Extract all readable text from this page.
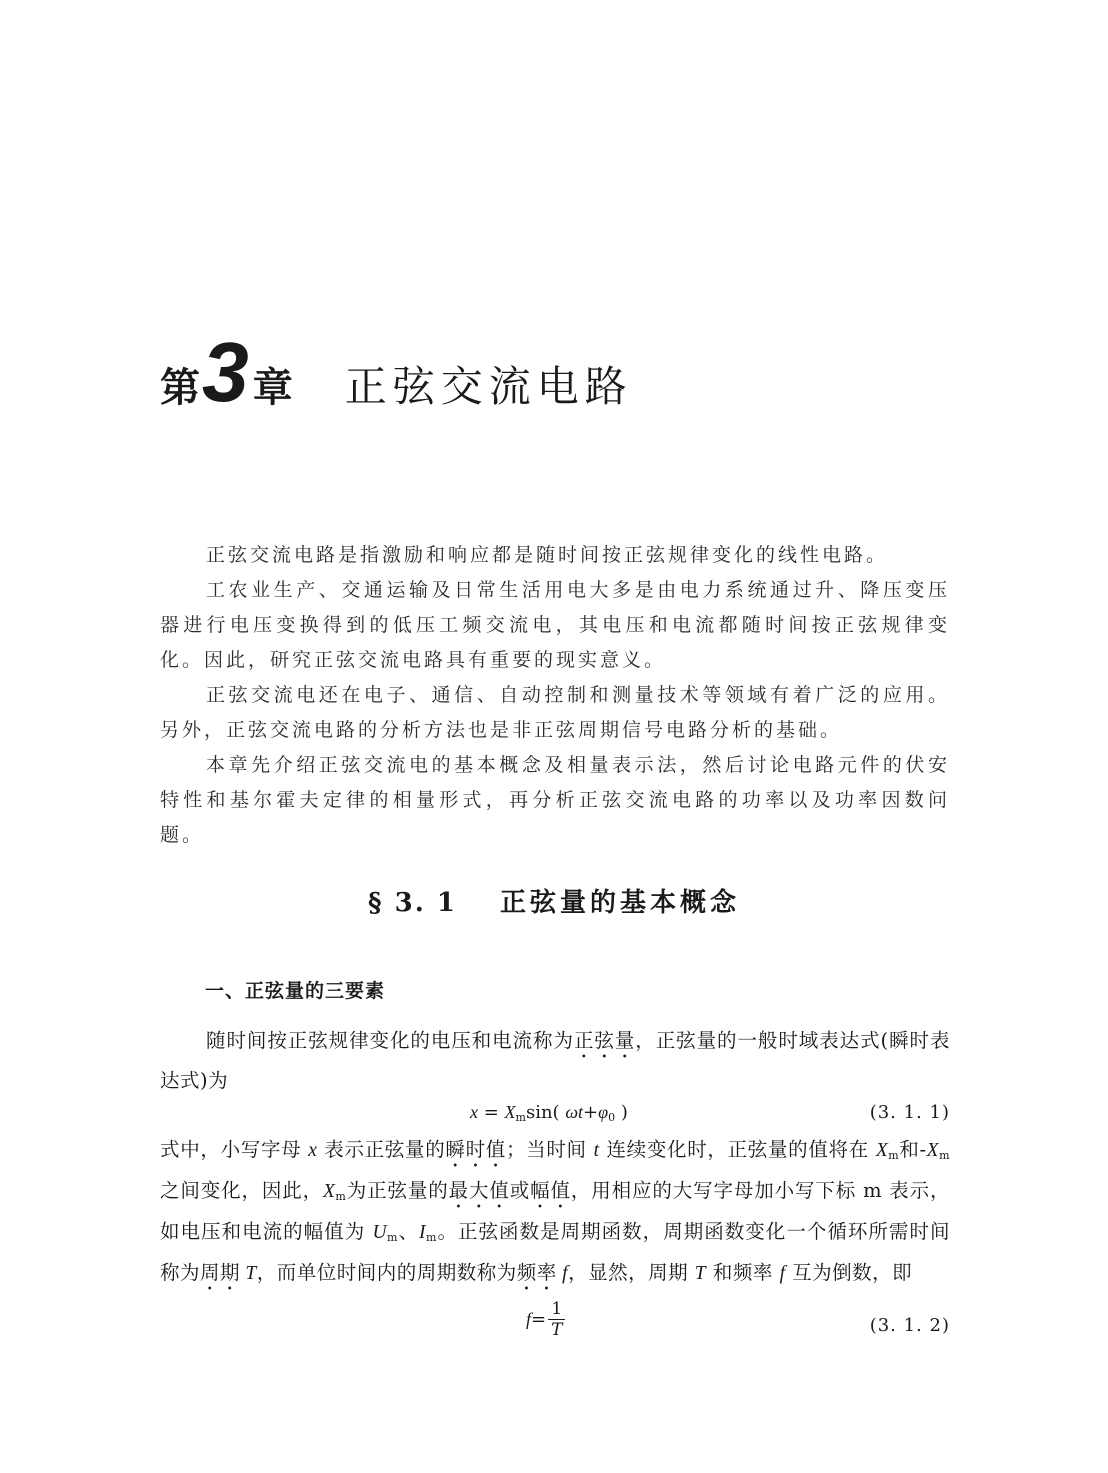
第 3 章 正弦交流电路

正弦交流电路是指激励和响应都是随时间按正弦规律变化的线性电路。

工农业生产、交通运输及日常生活用电大多是由电力系统通过升、降压变压器进行电压变换得到的低压工频交流电，其电压和电流都随时间按正弦规律变化。因此，研究正弦交流电路具有重要的现实意义。

正弦交流电还在电子、通信、自动控制和测量技术等领域有着广泛的应用。另外，正弦交流电路的分析方法也是非正弦周期信号电路分析的基础。

本章先介绍正弦交流电的基本概念及相量表示法，然后讨论电路元件的伏安特性和基尔霍夫定律的相量形式，再分析正弦交流电路的功率以及功率因数问题。

§ 3. 1 正弦量的基本概念
一、正弦量的三要素

随时间按正弦规律变化的电压和电流称为正弦量，正弦量的一般时域表达式(瞬时表达式)为

$x = X_m\sin$( $\omega t+\varphi_0$ )	(3. 1. 1)

式中，小写字母 x 表示正弦量的瞬时值；当时间 t 连续变化时，正弦量的值将在 $X_m$和$-X_m$之间变化，因此，$X_m$为正弦量的最大值或幅值，用相应的大写字母加小写下标 m 表示，如电压和电流的幅值为 $U_m$、$I_m$。正弦函数是周期函数，周期函数变化一个循环所需时间称为周期 T，而单位时间内的周期数称为频率 f，显然，周期 T 和频率 f 互为倒数，即

$f = \frac{1}{T}$	(3. 1. 2)
